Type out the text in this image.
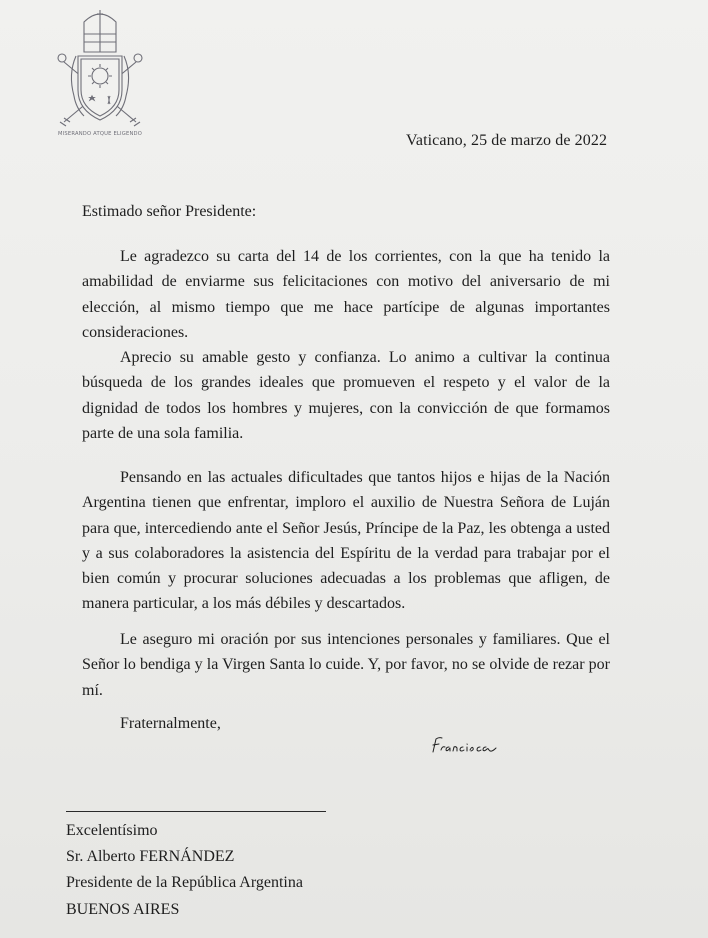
MISERANDO ATQUE ELIGENDO	Vaticano, 25 de marzo de 2022
Estimado señor Presidente:

Le agradezco su carta del 14 de los corrientes, con la que ha tenido la amabilidad de enviarme sus felicitaciones con motivo del aniversario de mi elección, al mismo tiempo que me hace partícipe de algunas importantes consideraciones.

Aprecio su amable gesto y confianza. Lo animo a cultivar la continua búsqueda de los grandes ideales que promueven el respeto y el valor de la dignidad de todos los hombres y mujeres, con la convicción de que formamos parte de una sola familia.

Pensando en las actuales dificultades que tantos hijos e hijas de la Nación Argentina tienen que enfrentar, imploro el auxilio de Nuestra Señora de Luján para que, intercediendo ante el Señor Jesús, Príncipe de la Paz, les obtenga a usted y a sus colaboradores la asistencia del Espíritu de la verdad para trabajar por el bien común y procurar soluciones adecuadas a los problemas que afligen, de manera particular, a los más débiles y descartados.

Le aseguro mi oración por sus intenciones personales y familiares. Que el Señor lo bendiga y la Virgen Santa lo cuide. Y, por favor, no se olvide de rezar por mí.

Fraternalmente,
Excelentísimo
Sr. Alberto FERNÁNDEZ
Presidente de la República Argentina
BUENOS AIRES
